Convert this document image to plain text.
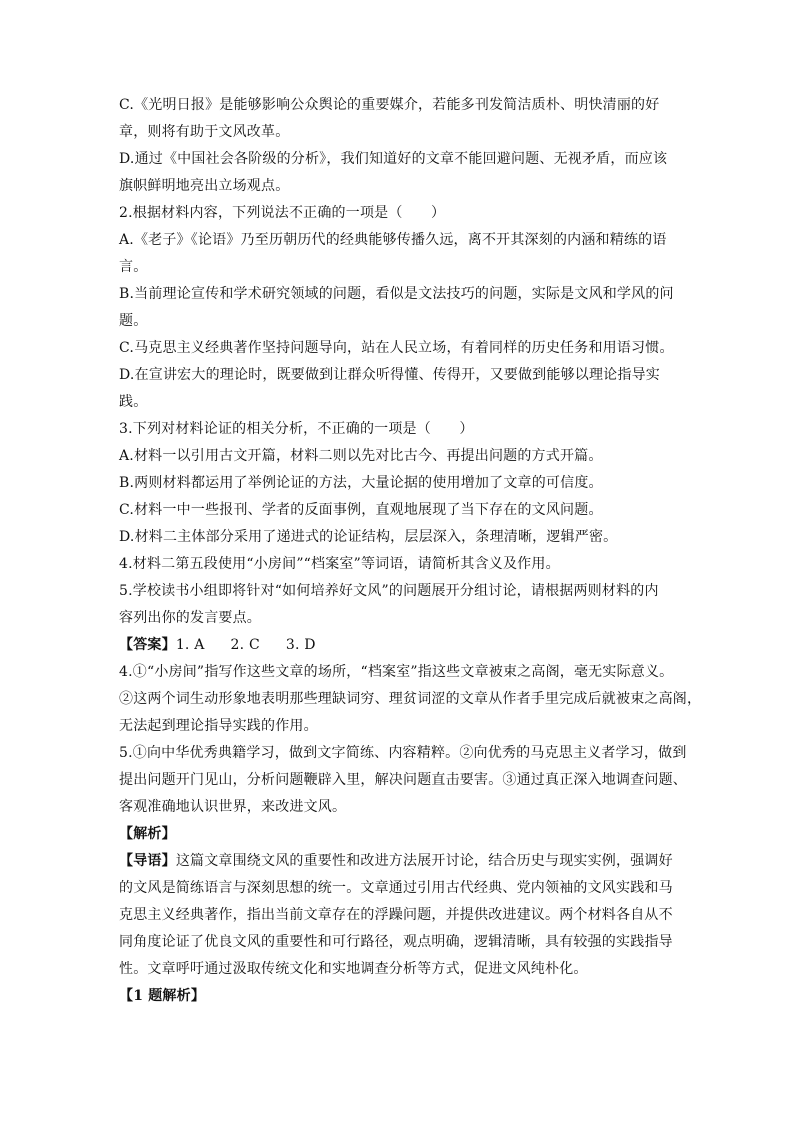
C.《光明日报》是能够影响公众舆论的重要媒介，若能多刊发简洁质朴、明快清丽的好
章，则将有助于文风改革。
D.通过《中国社会各阶级的分析》，我们知道好的文章不能回避问题、无视矛盾，而应该
旗帜鲜明地亮出立场观点。
2.根据材料内容，下列说法不正确的一项是（　　）
A.《老子》《论语》乃至历朝历代的经典能够传播久远，离不开其深刻的内涵和精练的语
言。
B.当前理论宣传和学术研究领域的问题，看似是文法技巧的问题，实际是文风和学风的问
题。
C.马克思主义经典著作坚持问题导向，站在人民立场，有着同样的历史任务和用语习惯。
D.在宣讲宏大的理论时，既要做到让群众听得懂、传得开，又要做到能够以理论指导实
践。
3.下列对材料论证的相关分析，不正确的一项是（　　）
A.材料一以引用古文开篇，材料二则以先对比古今、再提出问题的方式开篇。
B.两则材料都运用了举例论证的方法，大量论据的使用增加了文章的可信度。
C.材料一中一些报刊、学者的反面事例，直观地展现了当下存在的文风问题。
D.材料二主体部分采用了递进式的论证结构，层层深入，条理清晰，逻辑严密。
4.材料二第五段使用“小房间”“档案室”等词语，请简析其含义及作用。
5.学校读书小组即将针对“如何培养好文风”的问题展开分组讨论，请根据两则材料的内
容列出你的发言要点。
【答案】1. A 2. C 3. D
4.①“小房间”指写作这些文章的场所，“档案室”指这些文章被束之高阁，毫无实际意义。
②这两个词生动形象地表明那些理缺词穷、理贫词涩的文章从作者手里完成后就被束之高阁，
无法起到理论指导实践的作用。
5.①向中华优秀典籍学习，做到文字简练、内容精粹。②向优秀的马克思主义者学习，做到
提出问题开门见山，分析问题鞭辟入里，解决问题直击要害。③通过真正深入地调查问题、
客观准确地认识世界，来改进文风。
【解析】
【导语】这篇文章围绕文风的重要性和改进方法展开讨论，结合历史与现实实例，强调好
的文风是简练语言与深刻思想的统一。文章通过引用古代经典、党内领袖的文风实践和马
克思主义经典著作，指出当前文章存在的浮躁问题，并提供改进建议。两个材料各自从不
同角度论证了优良文风的重要性和可行路径，观点明确，逻辑清晰，具有较强的实践指导
性。文章呼吁通过汲取传统文化和实地调查分析等方式，促进文风纯朴化。
【1 题解析】
